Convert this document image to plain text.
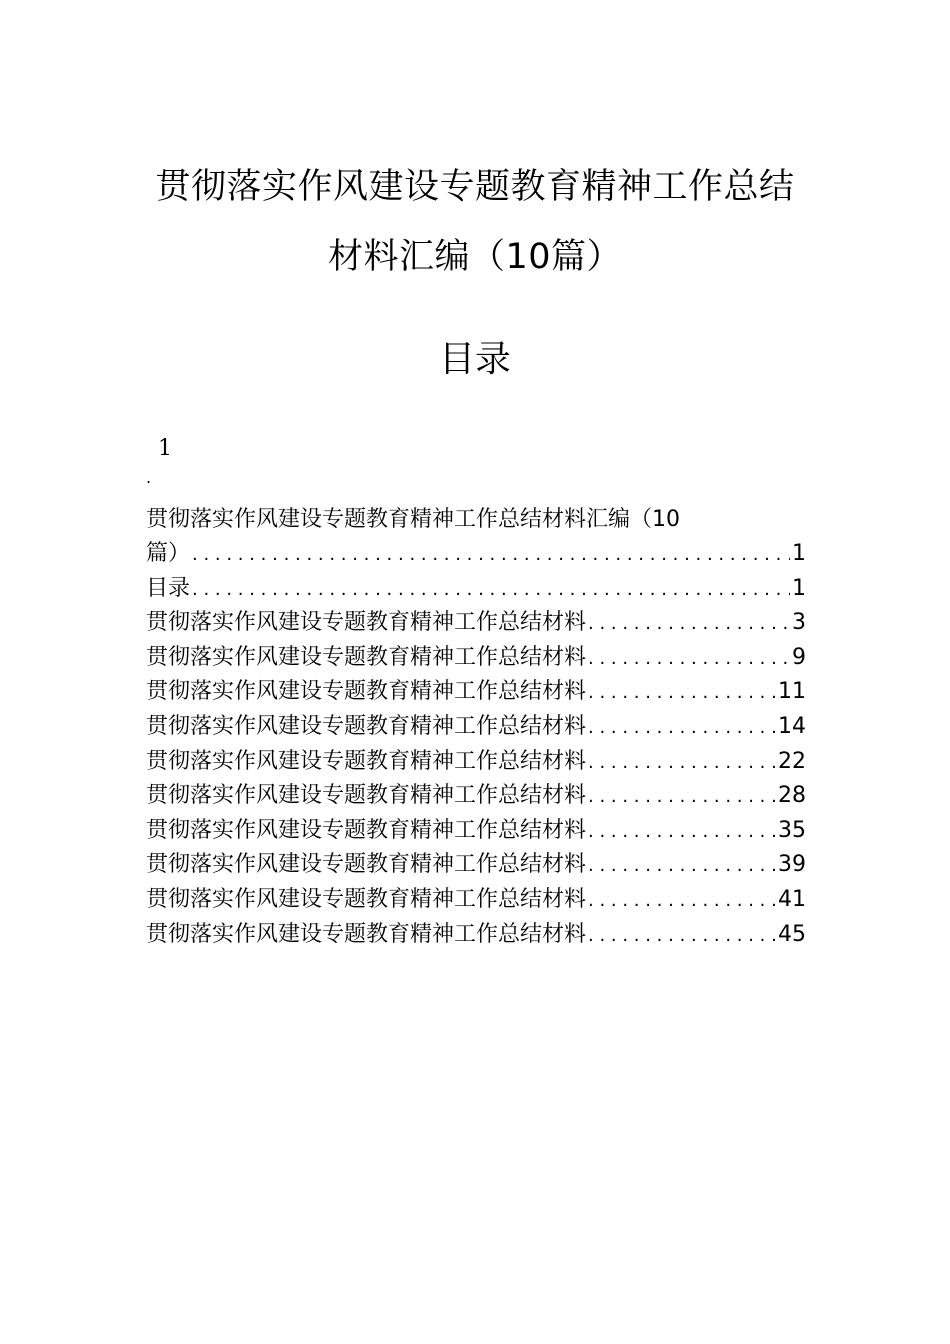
贯彻落实作风建设专题教育精神工作总结
材料汇编（10篇）
目录
1
.
贯彻落实作风建设专题教育精神工作总结材料汇编（10
篇） . . .	1
目录 . . .	1
贯彻落实作风建设专题教育精神工作总结材料 . . .	3
贯彻落实作风建设专题教育精神工作总结材料 . . .	9
贯彻落实作风建设专题教育精神工作总结材料 . . .	11
贯彻落实作风建设专题教育精神工作总结材料 . . .	14
贯彻落实作风建设专题教育精神工作总结材料 . . .	22
贯彻落实作风建设专题教育精神工作总结材料 . . .	28
贯彻落实作风建设专题教育精神工作总结材料 . . .	35
贯彻落实作风建设专题教育精神工作总结材料 . . .	39
贯彻落实作风建设专题教育精神工作总结材料 . . .	41
贯彻落实作风建设专题教育精神工作总结材料 . . .	45
